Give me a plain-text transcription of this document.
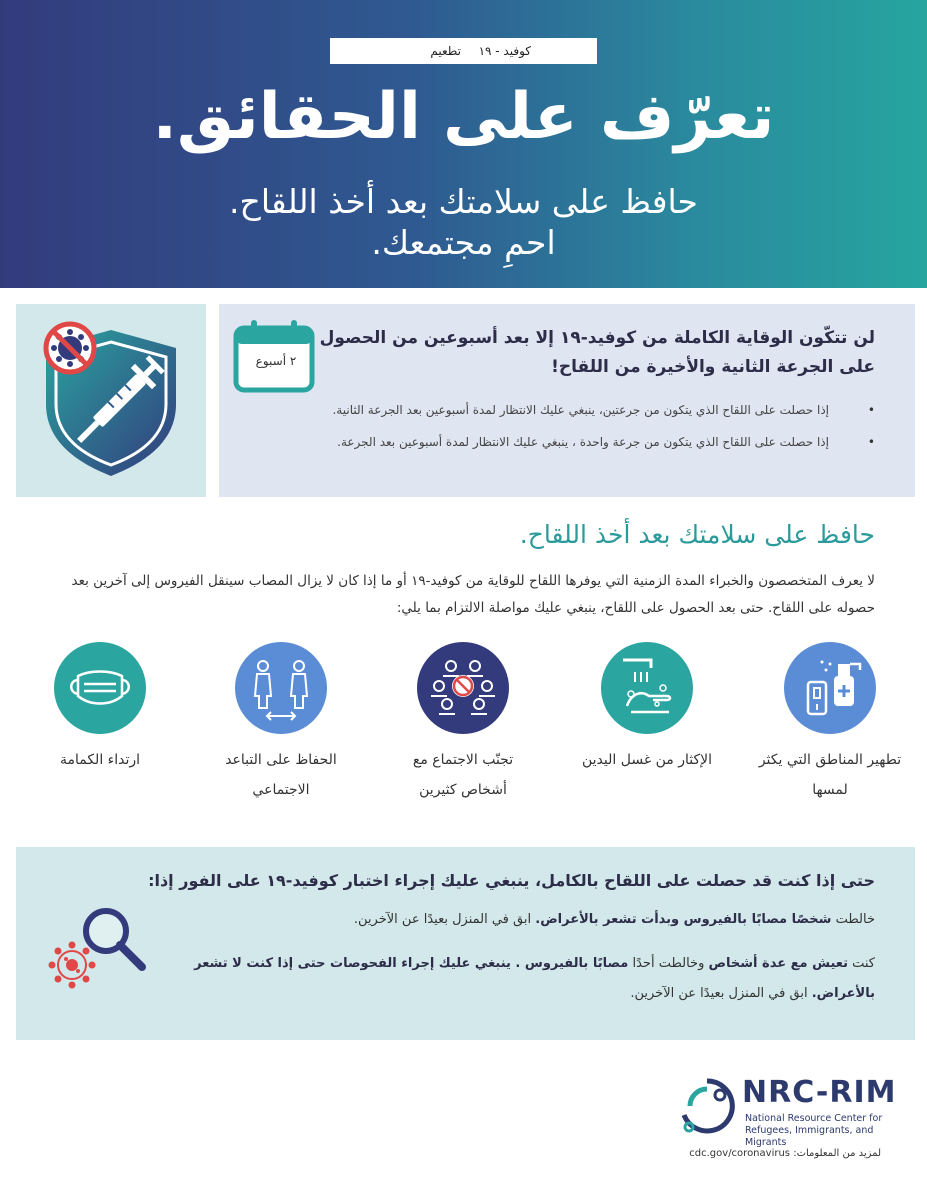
كوفيد - ١٩
تطعيم
تعرّف على الحقائق.
حافظ على سلامتك بعد أخذ اللقاح.
احمِ مجتمعك.
٢ أسبوع
لن تتكّون الوقاية الكاملة من كوفيد-١٩ إلا بعد أسبوعين من الحصول على الجرعة الثانية والأخيرة من اللقاح!
•
إذا حصلت على اللقاح الذي يتكون من جرعتين، ينبغي عليك الانتظار لمدة أسبوعين بعد الجرعة الثانية.
•
إذا حصلت على اللقاح الذي يتكون من جرعة واحدة ، ينبغي عليك الانتظار لمدة أسبوعين بعد الجرعة.
حافظ على سلامتك بعد أخذ اللقاح.
لا يعرف المتخصصون والخبراء المدة الزمنية التي يوفرها اللقاح للوقاية من كوفيد-١٩ أو ما إذا كان لا يزال المصاب سينقل الفيروس إلى آخرين بعد حصوله على اللقاح. حتى بعد الحصول على اللقاح، ينبغي عليك مواصلة الالتزام بما يلي:
تطهير المناطق التي يكثر لمسها
الإكثار من غسل اليدين
تجنّب الاجتماع مع أشخاص كثيرين
الحفاظ على التباعد الاجتماعي
ارتداء الكمامة
حتى إذا كنت قد حصلت على اللقاح بالكامل، ينبغي عليك إجراء اختبار كوفيد-١٩ على الفور إذا:
خالطت شخصًا مصابًا بالفيروس وبدأت تشعر بالأعراض. ابق في المنزل بعيدًا عن الآخرين.
كنت تعيش مع عدة أشخاص وخالطت أحدًا مصابًا بالفيروس . ينبغي عليك إجراء الفحوصات حتى إذا كنت لا تشعر بالأعراض. ابق في المنزل بعيدًا عن الآخرين.
NRC-RIM
National Resource Center for
Refugees, Immigrants, and Migrants
لمزيد من المعلومات: cdc.gov/coronavirus
